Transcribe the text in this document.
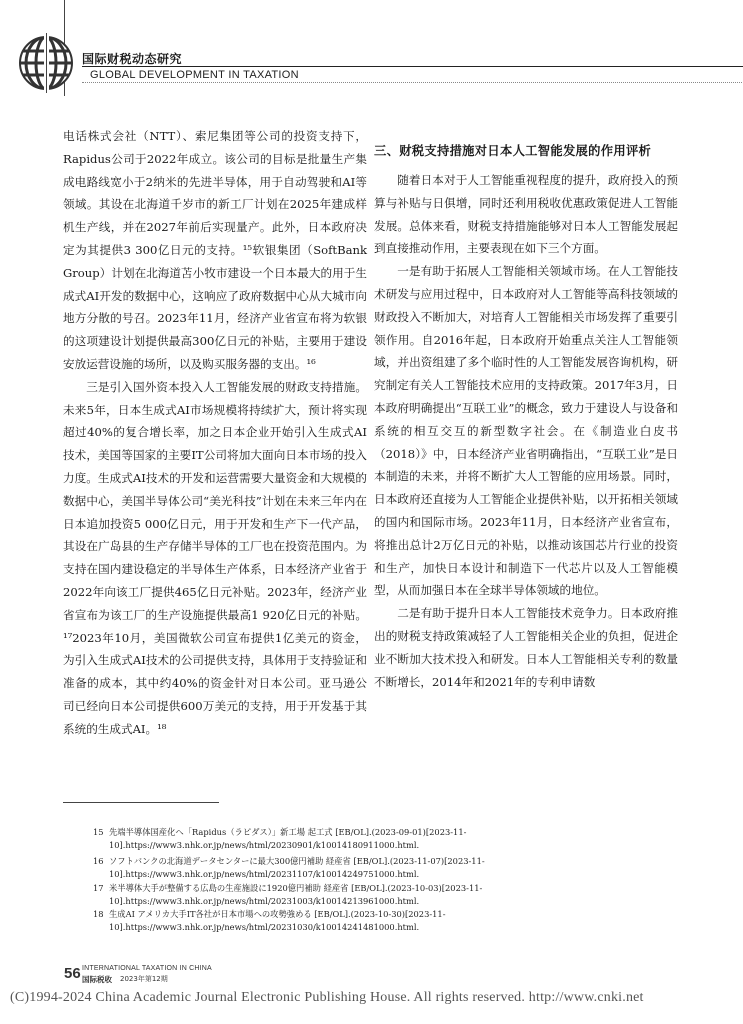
国际财税动态研究
GLOBAL DEVELOPMENT IN TAXATION

电话株式会社（NTT）、索尼集团等公司的投资支持下，Rapidus公司于2022年成立。该公司的目标是批量生产集成电路线宽小于2纳米的先进半导体，用于自动驾驶和AI等领域。其设在北海道千岁市的新工厂计划在2025年建成样机生产线，并在2027年前后实现量产。此外，日本政府决定为其提供3 300亿日元的支持。¹⁵软银集团（SoftBank Group）计划在北海道苫小牧市建设一个日本最大的用于生成式AI开发的数据中心，这响应了政府数据中心从大城市向地方分散的号召。2023年11月，经济产业省宣布将为软银的这项建设计划提供最高300亿日元的补贴，主要用于建设安放运营设施的场所，以及购买服务器的支出。¹⁶

三是引入国外资本投入人工智能发展的财政支持措施。未来5年，日本生成式AI市场规模将持续扩大，预计将实现超过40%的复合增长率，加之日本企业开始引入生成式AI技术，美国等国家的主要IT公司将加大面向日本市场的投入力度。生成式AI技术的开发和运营需要大量资金和大规模的数据中心，美国半导体公司“美光科技”计划在未来三年内在日本追加投资5 000亿日元，用于开发和生产下一代产品，其设在广岛县的生产存储半导体的工厂也在投资范围内。为支持在国内建设稳定的半导体生产体系，日本经济产业省于2022年向该工厂提供465亿日元补贴。2023年，经济产业省宣布为该工厂的生产设施提供最高1 920亿日元的补贴。¹⁷2023年10月，美国微软公司宣布提供1亿美元的资金，为引入生成式AI技术的公司提供支持，具体用于支持验证和准备的成本，其中约40%的资金针对日本公司。亚马逊公司已经向日本公司提供600万美元的支持，用于开发基于其系统的生成式AI。¹⁸

三、财税支持措施对日本人工智能发展的作用评析

随着日本对于人工智能重视程度的提升，政府投入的预算与补贴与日俱增，同时还利用税收优惠政策促进人工智能发展。总体来看，财税支持措施能够对日本人工智能发展起到直接推动作用，主要表现在如下三个方面。

一是有助于拓展人工智能相关领域市场。在人工智能技术研发与应用过程中，日本政府对人工智能等高科技领域的财政投入不断加大，对培育人工智能相关市场发挥了重要引领作用。自2016年起，日本政府开始重点关注人工智能领域，并出资组建了多个临时性的人工智能发展咨询机构，研究制定有关人工智能技术应用的支持政策。2017年3月，日本政府明确提出“互联工业”的概念，致力于建设人与设备和系统的相互交互的新型数字社会。在《制造业白皮书（2018）》中，日本经济产业省明确指出，“互联工业”是日本制造的未来，并将不断扩大人工智能的应用场景。同时，日本政府还直接为人工智能企业提供补贴，以开拓相关领域的国内和国际市场。2023年11月，日本经济产业省宣布，将推出总计2万亿日元的补贴，以推动该国芯片行业的投资和生产，加快日本设计和制造下一代芯片以及人工智能模型，从而加强日本在全球半导体领域的地位。

二是有助于提升日本人工智能技术竞争力。日本政府推出的财税支持政策减轻了人工智能相关企业的负担，促进企业不断加大技术投入和研发。日本人工智能相关专利的数量不断增长，2014年和2021年的专利申请数

15 先端半導体国産化へ「Rapidus（ラピダス）」新工場 起工式 [EB/OL].(2023-09-01)[2023-11-10].https://www3.nhk.or.jp/news/html/20230901/k10014180911000.html.
16 ソフトバンクの北海道データセンターに最大300億円補助 経産省 [EB/OL].(2023-11-07)[2023-11-10].https://www3.nhk.or.jp/news/html/20231107/k10014249751000.html.
17 米半導体大手が整備する広島の生産施設に1920億円補助 経産省 [EB/OL].(2023-10-03)[2023-11-10].https://www3.nhk.or.jp/news/html/20231003/k10014213961000.html.
18 生成AI アメリカ大手IT各社が日本市場への攻勢強める [EB/OL].(2023-10-30)[2023-11-10].https://www3.nhk.or.jp/news/html/20231030/k10014241481000.html.
56 INTERNATIONAL TAXATION IN CHINA
国际税收 2023年第12期
(C)1994-2024 China Academic Journal Electronic Publishing House. All rights reserved. http://www.cnki.net
